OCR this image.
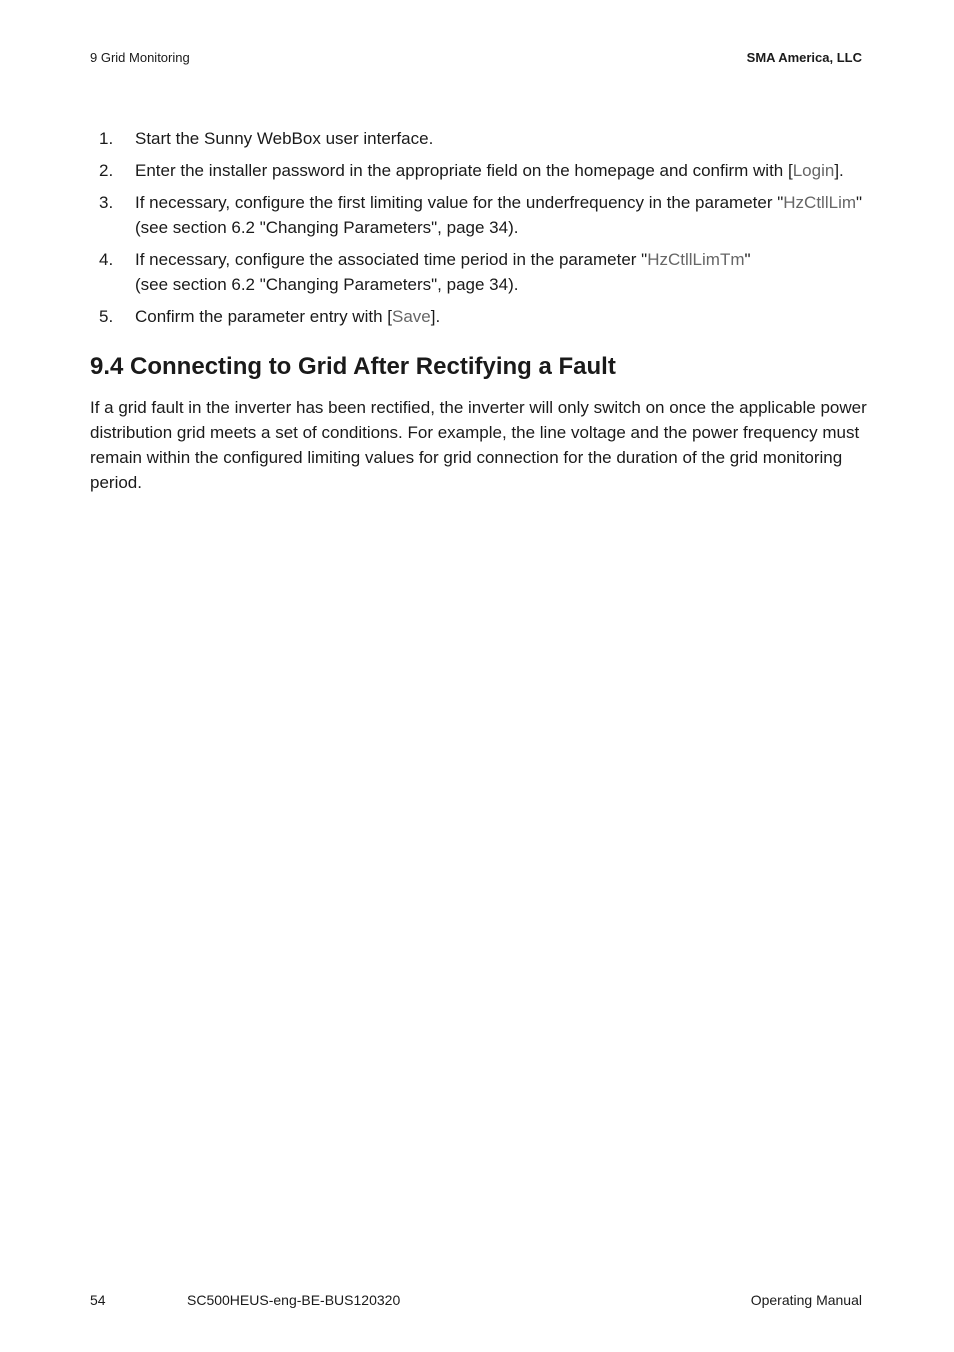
9 Grid Monitoring	SMA America, LLC
1. Start the Sunny WebBox user interface.
2. Enter the installer password in the appropriate field on the homepage and confirm with [Login].
3. If necessary, configure the first limiting value for the underfrequency in the parameter "HzCtllLim"
(see section 6.2 "Changing Parameters", page 34).
4. If necessary, configure the associated time period in the parameter "HzCtllLimTm"
(see section 6.2 "Changing Parameters", page 34).
5. Confirm the parameter entry with [Save].
9.4 Connecting to Grid After Rectifying a Fault

If a grid fault in the inverter has been rectified, the inverter will only switch on once the applicable power distribution grid meets a set of conditions. For example, the line voltage and the power frequency must remain within the configured limiting values for grid connection for the duration of the grid monitoring period.

54	SC500HEUS-eng-BE-BUS120320	Operating Manual
